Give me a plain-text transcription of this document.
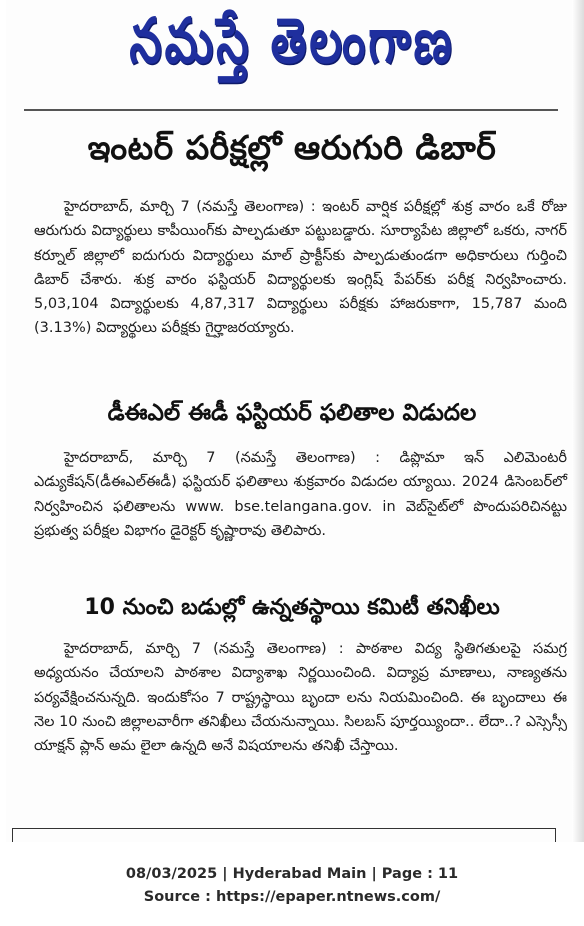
నమస్తే తెలంగాణ
ఇంటర్ పరీక్షల్లో ఆరుగురి డిబార్

హైదరాబాద్, మార్చి 7 (నమస్తే తెలంగాణ) : ఇంటర్ వార్షిక పరీక్షల్లో శుక్ర వారం ఒకే రోజు ఆరుగురు విద్యార్థులు కాపీయింగ్‌కు పాల్పడుతూ పట్టుబడ్డారు. సూర్యాపేట జిల్లాలో ఒకరు, నాగర్ కర్నూల్ జిల్లాలో ఐదుగురు విద్యార్థులు మాల్ ప్రాక్టీస్‌కు పాల్పడుతుండగా అధికారులు గుర్తించి డిబార్ చేశారు. శుక్ర వారం ఫస్టియర్ విద్యార్థులకు ఇంగ్లిష్ పేపర్‌కు పరీక్ష నిర్వహించారు. 5,03,104 విద్యార్థులకు 4,87,317 విద్యార్థులు పరీక్షకు హాజరుకాగా, 15,787 మంది (3.13%) విద్యార్థులు పరీక్షకు గైర్హాజరయ్యారు.

డీఈఎల్ ఈడీ ఫస్టియర్ ఫలితాల విడుదల

హైదరాబాద్, మార్చి 7 (నమస్తే తెలంగాణ) : డిప్లొమా ఇన్ ఎలిమెంటరీ ఎడ్యుకేషన్(డీఈఎల్ఈడీ) ఫస్టియర్ ఫలితాలు శుక్రవారం విడుదల య్యాయి. 2024 డిసెంబర్‌లో నిర్వహించిన ఫలితాలను www. bse.telangana.gov. in వెబ్‌సైట్‌లో పొందుపరిచినట్టు ప్రభుత్వ పరీక్షల విభాగం డైరెక్టర్ కృష్ణారావు తెలిపారు.

10 నుంచి బడుల్లో ఉన్నతస్థాయి కమిటీ తనిఖీలు

హైదరాబాద్, మార్చి 7 (నమస్తే తెలంగాణ) : పాఠశాల విద్య స్థితిగతులపై సమగ్ర అధ్యయనం చేయాలని పాఠశాల విద్యాశాఖ నిర్ణయించింది. విద్యాప్ర మాణాలు, నాణ్యతను పర్యవేక్షించనున్నది. ఇందుకోసం 7 రాష్ట్రస్థాయి బృందా లను నియమించింది. ఈ బృందాలు ఈ నెల 10 నుంచి జిల్లాలవారీగా తనిఖీలు చేయనున్నాయి. సిలబస్ పూర్తయ్యిందా.. లేదా..? ఎస్సెస్సీ యాక్షన్ ప్లాన్ అమ లైలా ఉన్నది అనే విషయాలను తనిఖీ చేస్తాయి.

08/03/2025 | Hyderabad Main | Page : 11
Source : https://epaper.ntnews.com/
